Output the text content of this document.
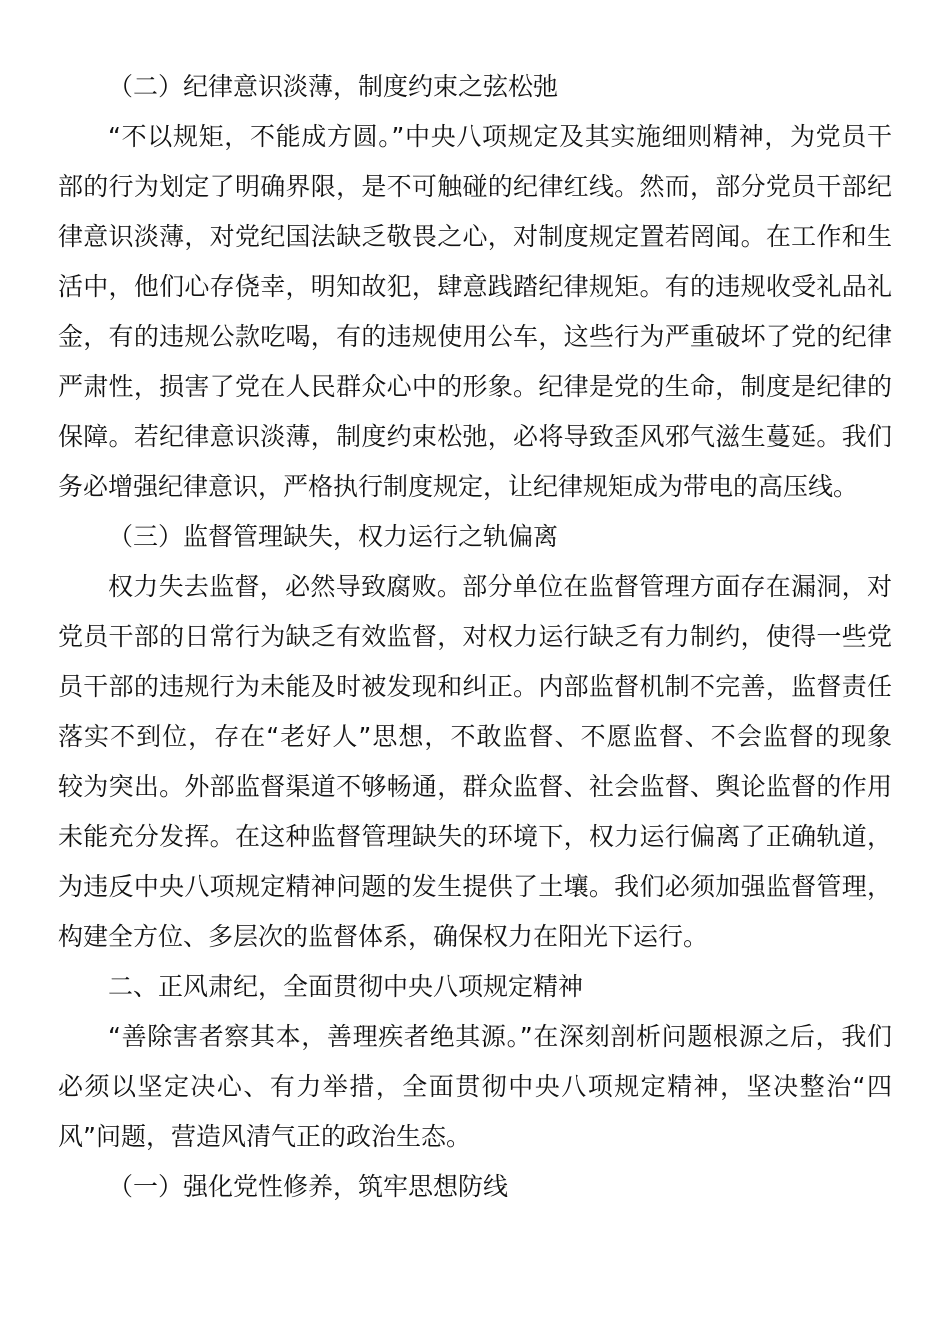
（二）纪律意识淡薄，制度约束之弦松弛
“不以规矩，不能成方圆。”中央八项规定及其实施细则精神，为党员干
部的行为划定了明确界限，是不可触碰的纪律红线。然而，部分党员干部纪
律意识淡薄，对党纪国法缺乏敬畏之心，对制度规定置若罔闻。在工作和生
活中，他们心存侥幸，明知故犯，肆意践踏纪律规矩。有的违规收受礼品礼
金，有的违规公款吃喝，有的违规使用公车，这些行为严重破坏了党的纪律
严肃性，损害了党在人民群众心中的形象。纪律是党的生命，制度是纪律的
保障。若纪律意识淡薄，制度约束松弛，必将导致歪风邪气滋生蔓延。我们
务必增强纪律意识，严格执行制度规定，让纪律规矩成为带电的高压线。
（三）监督管理缺失，权力运行之轨偏离
权力失去监督，必然导致腐败。部分单位在监督管理方面存在漏洞，对
党员干部的日常行为缺乏有效监督，对权力运行缺乏有力制约，使得一些党
员干部的违规行为未能及时被发现和纠正。内部监督机制不完善，监督责任
落实不到位，存在“老好人”思想，不敢监督、不愿监督、不会监督的现象
较为突出。外部监督渠道不够畅通，群众监督、社会监督、舆论监督的作用
未能充分发挥。在这种监督管理缺失的环境下，权力运行偏离了正确轨道，
为违反中央八项规定精神问题的发生提供了土壤。我们必须加强监督管理，
构建全方位、多层次的监督体系，确保权力在阳光下运行。
二、正风肃纪，全面贯彻中央八项规定精神
“善除害者察其本，善理疾者绝其源。”在深刻剖析问题根源之后，我们
必须以坚定决心、有力举措，全面贯彻中央八项规定精神，坚决整治“四
风”问题，营造风清气正的政治生态。
（一）强化党性修养，筑牢思想防线
